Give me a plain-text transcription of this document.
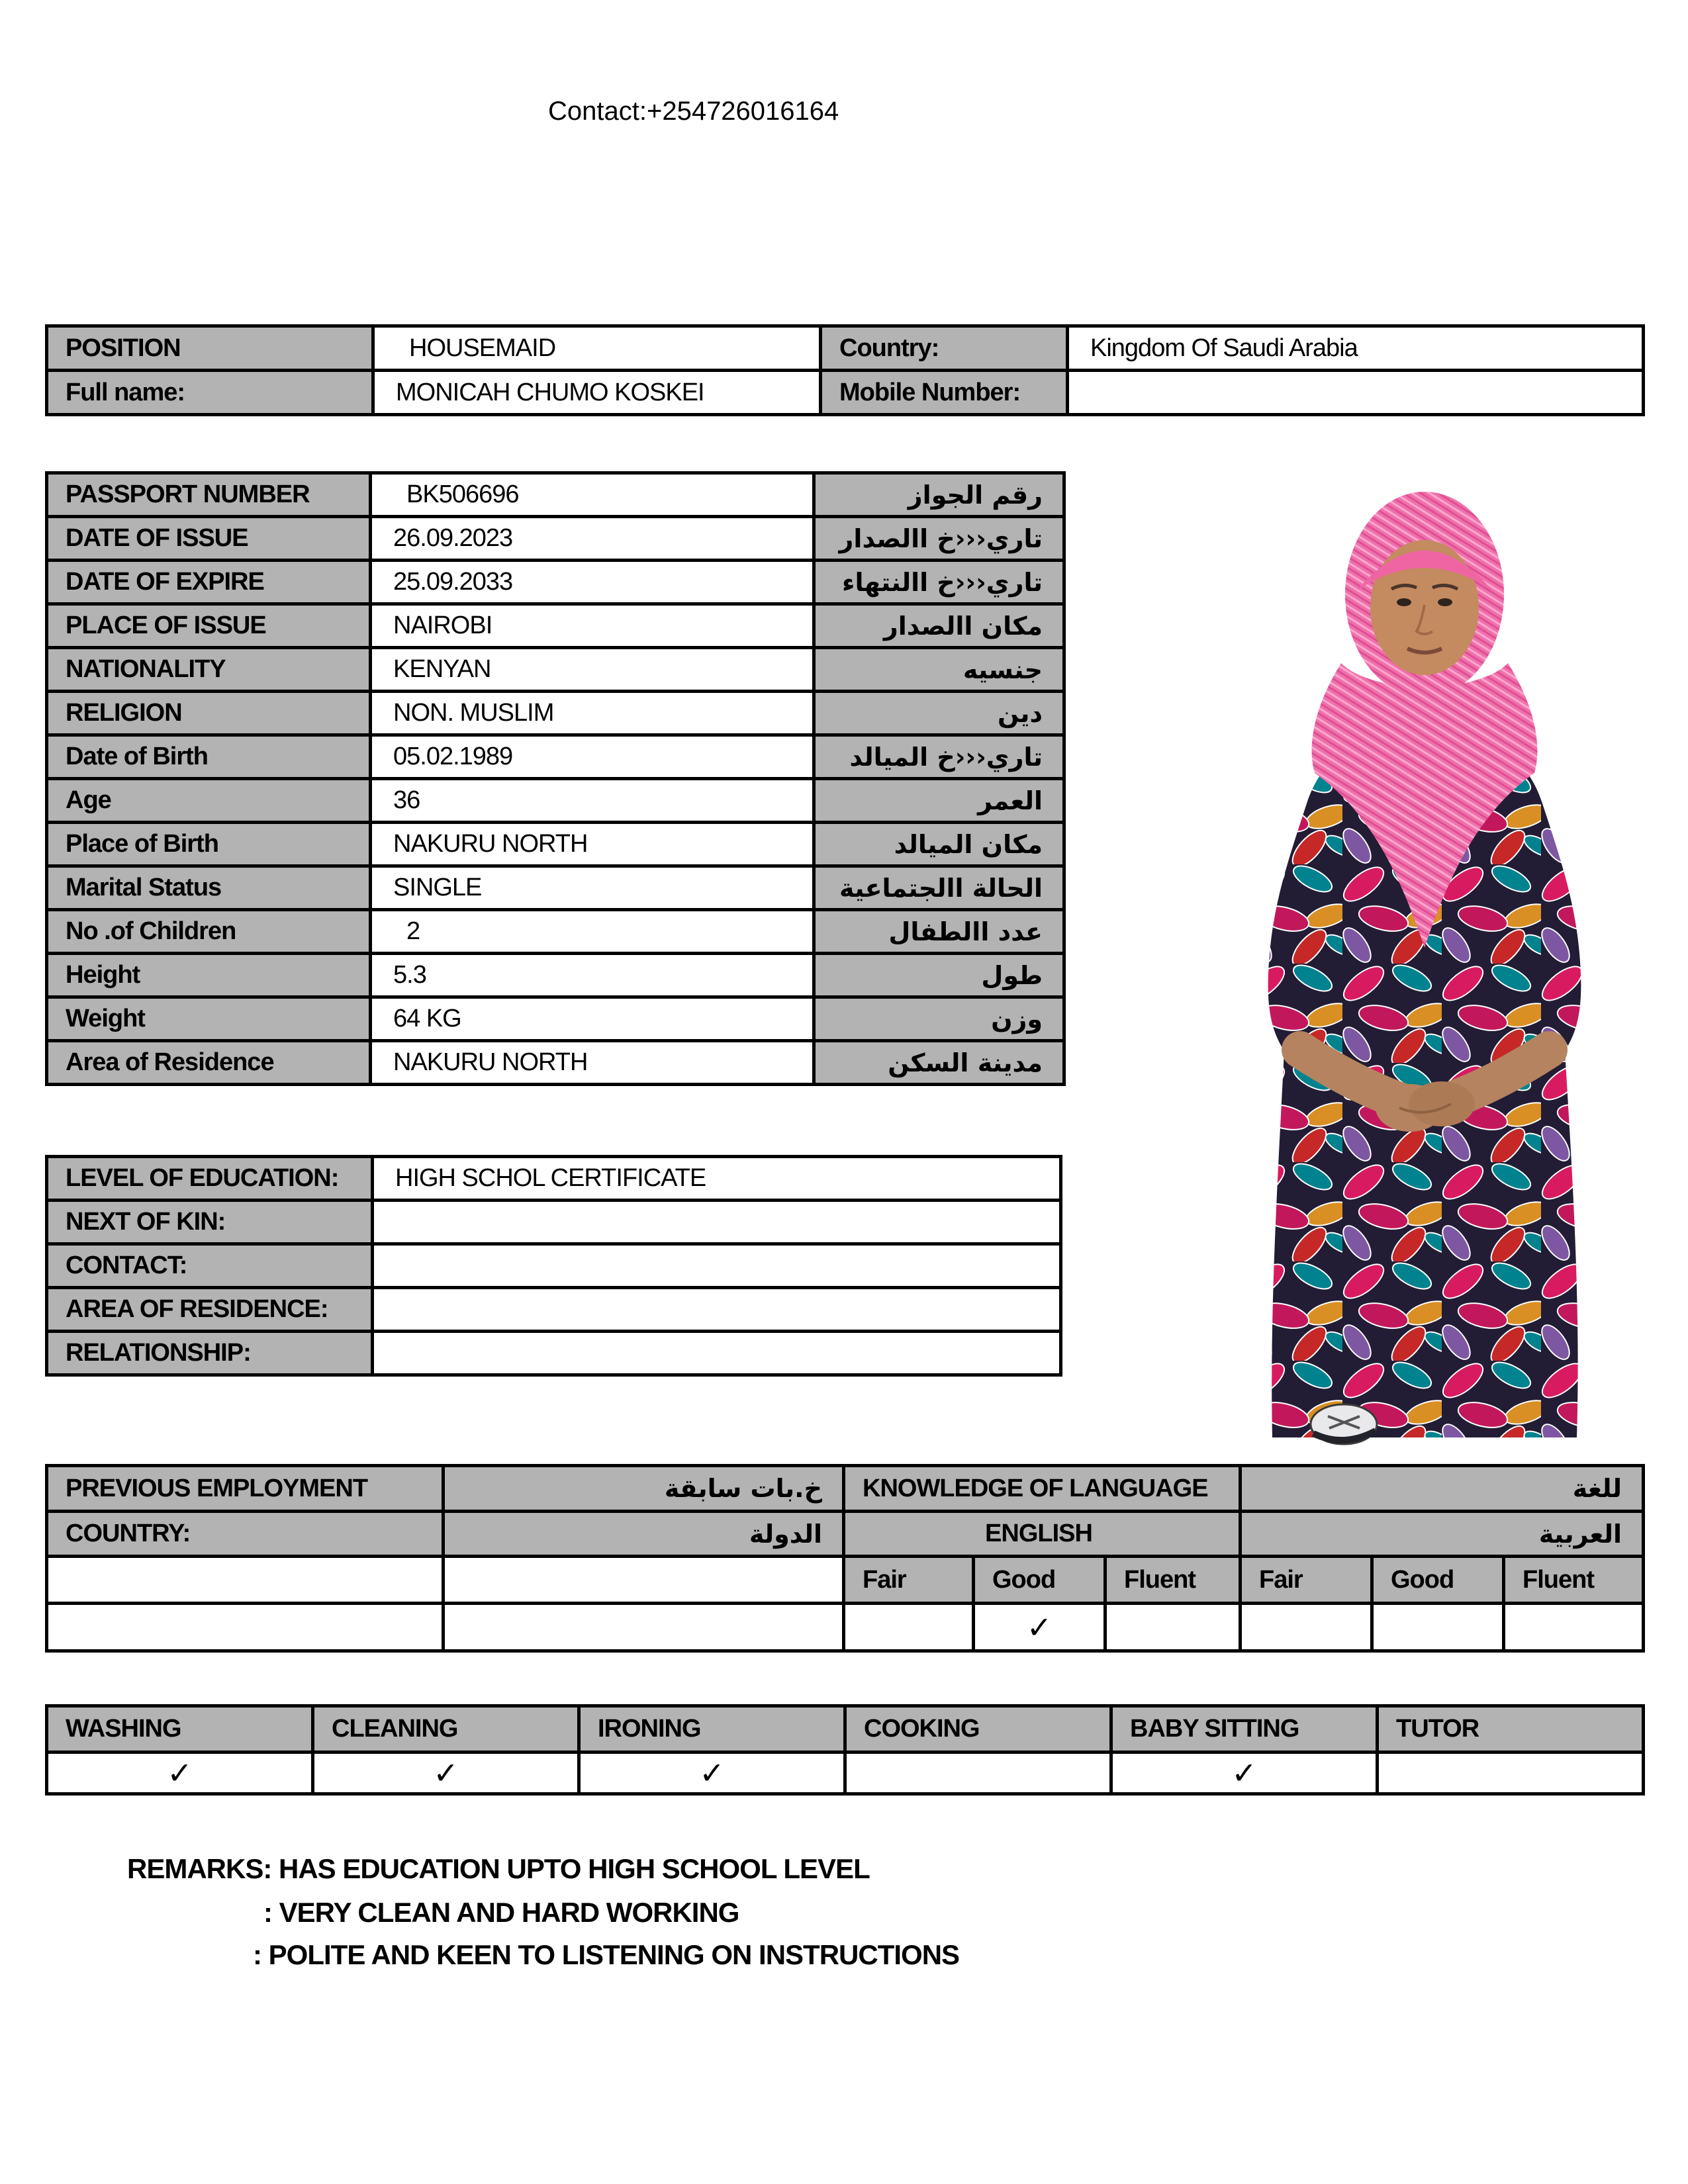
Contact:+254726016164
POSITION	HOUSEMAID	Country:	Kingdom Of Saudi Arabia
Full name:	MONICAH CHUMO KOSKEI	Mobile Number:	
PASSPORT NUMBER	BK506696	رقم الجواز
DATE OF ISSUE	26.09.2023	تاري‹‹‹خ االصدار
DATE OF EXPIRE	25.09.2033	تاري‹‹‹خ االنتهاء
PLACE OF ISSUE	NAIROBI	مكان االصدار
NATIONALITY	KENYAN	جنسيه
RELIGION	NON. MUSLIM	دين
Date of Birth	05.02.1989	تاري‹‹‹خ الميالد
Age	36	العمر
Place of Birth	NAKURU NORTH	مكان الميالد
Marital Status	SINGLE	الحالة االجتماعية
No .of Children	2	عدد االطفال
Height	5.3	طول
Weight	64 KG	وزن
Area of Residence	NAKURU NORTH	مدينة السكن
LEVEL OF EDUCATION:	HIGH SCHOL CERTIFICATE
NEXT OF KIN:	
CONTACT:	
AREA OF RESIDENCE:	
RELATIONSHIP:	
PREVIOUS EMPLOYMENT	خ.بات سابقة	KNOWLEDGE OF LANGUAGE			للغة		
COUNTRY:	الدولة	ENGLISH			العربية		
		Fair	Good	Fluent	Fair	Good	Fluent
			✓				
WASHING	CLEANING	IRONING	COOKING	BABY SITTING	TUTOR
✓	✓	✓		✓	
REMARKS: HAS EDUCATION UPTO HIGH SCHOOL LEVEL
: VERY CLEAN AND HARD WORKING
: POLITE AND KEEN TO LISTENING ON INSTRUCTIONS
